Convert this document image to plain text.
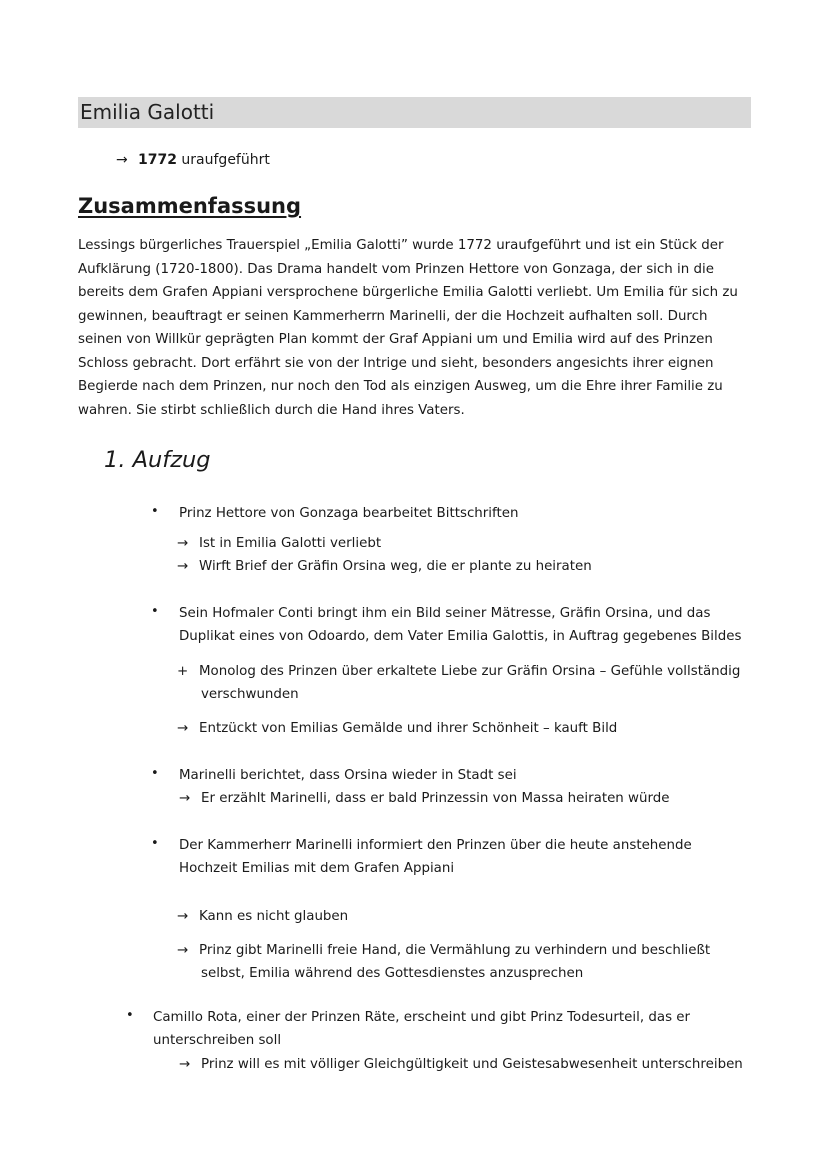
Emilia Galotti
→ 1772 uraufgeführt
Zusammenfassung
Lessings bürgerliches Trauerspiel „Emilia Galotti” wurde 1772 uraufgeführt und ist ein Stück der
Aufklärung (1720-1800). Das Drama handelt vom Prinzen Hettore von Gonzaga, der sich in die
bereits dem Grafen Appiani versprochene bürgerliche Emilia Galotti verliebt. Um Emilia für sich zu
gewinnen, beauftragt er seinen Kammerherrn Marinelli, der die Hochzeit aufhalten soll. Durch
seinen von Willkür geprägten Plan kommt der Graf Appiani um und Emilia wird auf des Prinzen
Schloss gebracht. Dort erfährt sie von der Intrige und sieht, besonders angesichts ihrer eignen
Begierde nach dem Prinzen, nur noch den Tod als einzigen Ausweg, um die Ehre ihrer Familie zu
wahren. Sie stirbt schließlich durch die Hand ihres Vaters.
1. Aufzug
• Prinz Hettore von Gonzaga bearbeitet Bittschriften
→ Ist in Emilia Galotti verliebt
→ Wirft Brief der Gräfin Orsina weg, die er plante zu heiraten
• Sein Hofmaler Conti bringt ihm ein Bild seiner Mätresse, Gräfin Orsina, und das
Duplikat eines von Odoardo, dem Vater Emilia Galottis, in Auftrag gegebenes Bildes
+ Monolog des Prinzen über erkaltete Liebe zur Gräfin Orsina – Gefühle vollständig
verschwunden
→ Entzückt von Emilias Gemälde und ihrer Schönheit – kauft Bild
• Marinelli berichtet, dass Orsina wieder in Stadt sei
→ Er erzählt Marinelli, dass er bald Prinzessin von Massa heiraten würde
• Der Kammerherr Marinelli informiert den Prinzen über die heute anstehende
Hochzeit Emilias mit dem Grafen Appiani
→ Kann es nicht glauben
→ Prinz gibt Marinelli freie Hand, die Vermählung zu verhindern und beschließt
selbst, Emilia während des Gottesdienstes anzusprechen
• Camillo Rota, einer der Prinzen Räte, erscheint und gibt Prinz Todesurteil, das er
unterschreiben soll
→ Prinz will es mit völliger Gleichgültigkeit und Geistesabwesenheit unterschreiben
